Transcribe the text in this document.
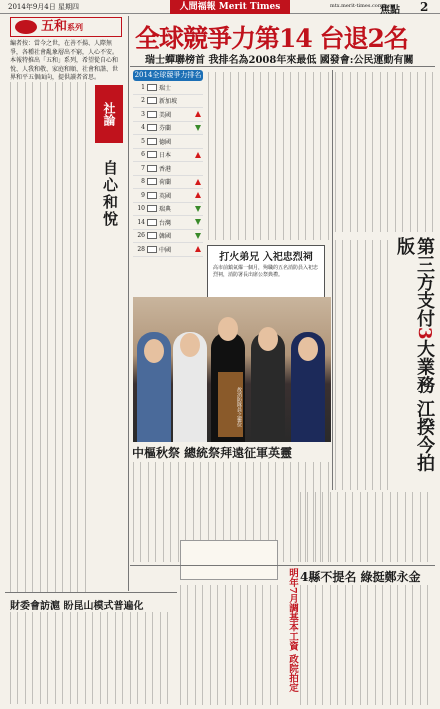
2014年9月4日 星期四	人間福報 Merit Times	mtx.merit-times.com.tw
焦點 2
五和系列
編者按：當今之世，在善不揚、人際無爭，各種社會亂象層出不窮，人心不安。本報特推出「五和」系列，希望從自心和悅、人我和敬、家庭和順、社會和諧、世界和平五個面向，提供讀者省思。
全球競爭力第14 台退2名
瑞士蟬聯榜首 我排名為2008年來最低 國發會:公民運動有關
社論
自心和悅
2014全球競爭力排名
1	瑞士
2	新加坡
3	美國
4	芬蘭
5	德國
6	日本
7	香港
8	荷蘭
9	英國
10	瑞典
14	台灣
26	韓國
28	中國
打火弟兄 入祀忠烈祠
高市前鎮氣爆一個月，殉職的五名消防員入祀忠烈祠，消防署長出席公祭典禮。
故消防隊員之靈位
中樞秋祭 總統祭拜遠征軍英靈
第三方支付3大業務 江揆今拍版
4縣不提名 綠挺鄭永金
財委會訪滬 盼昆山模式普遍化	明年7月調基本工資 政院拍定
